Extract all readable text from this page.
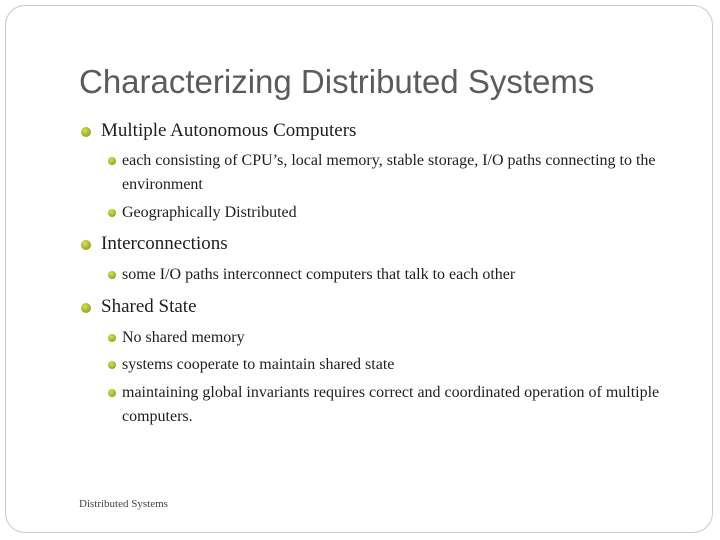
Characterizing Distributed Systems

Multiple Autonomous Computers

each consisting of CPU’s, local memory, stable storage, I/O paths connecting to the environment

Geographically Distributed

Interconnections

some I/O paths interconnect computers that talk to each other

Shared State

No shared memory

systems cooperate to maintain shared state

maintaining global invariants requires correct and coordinated operation of multiple computers.

Distributed Systems
